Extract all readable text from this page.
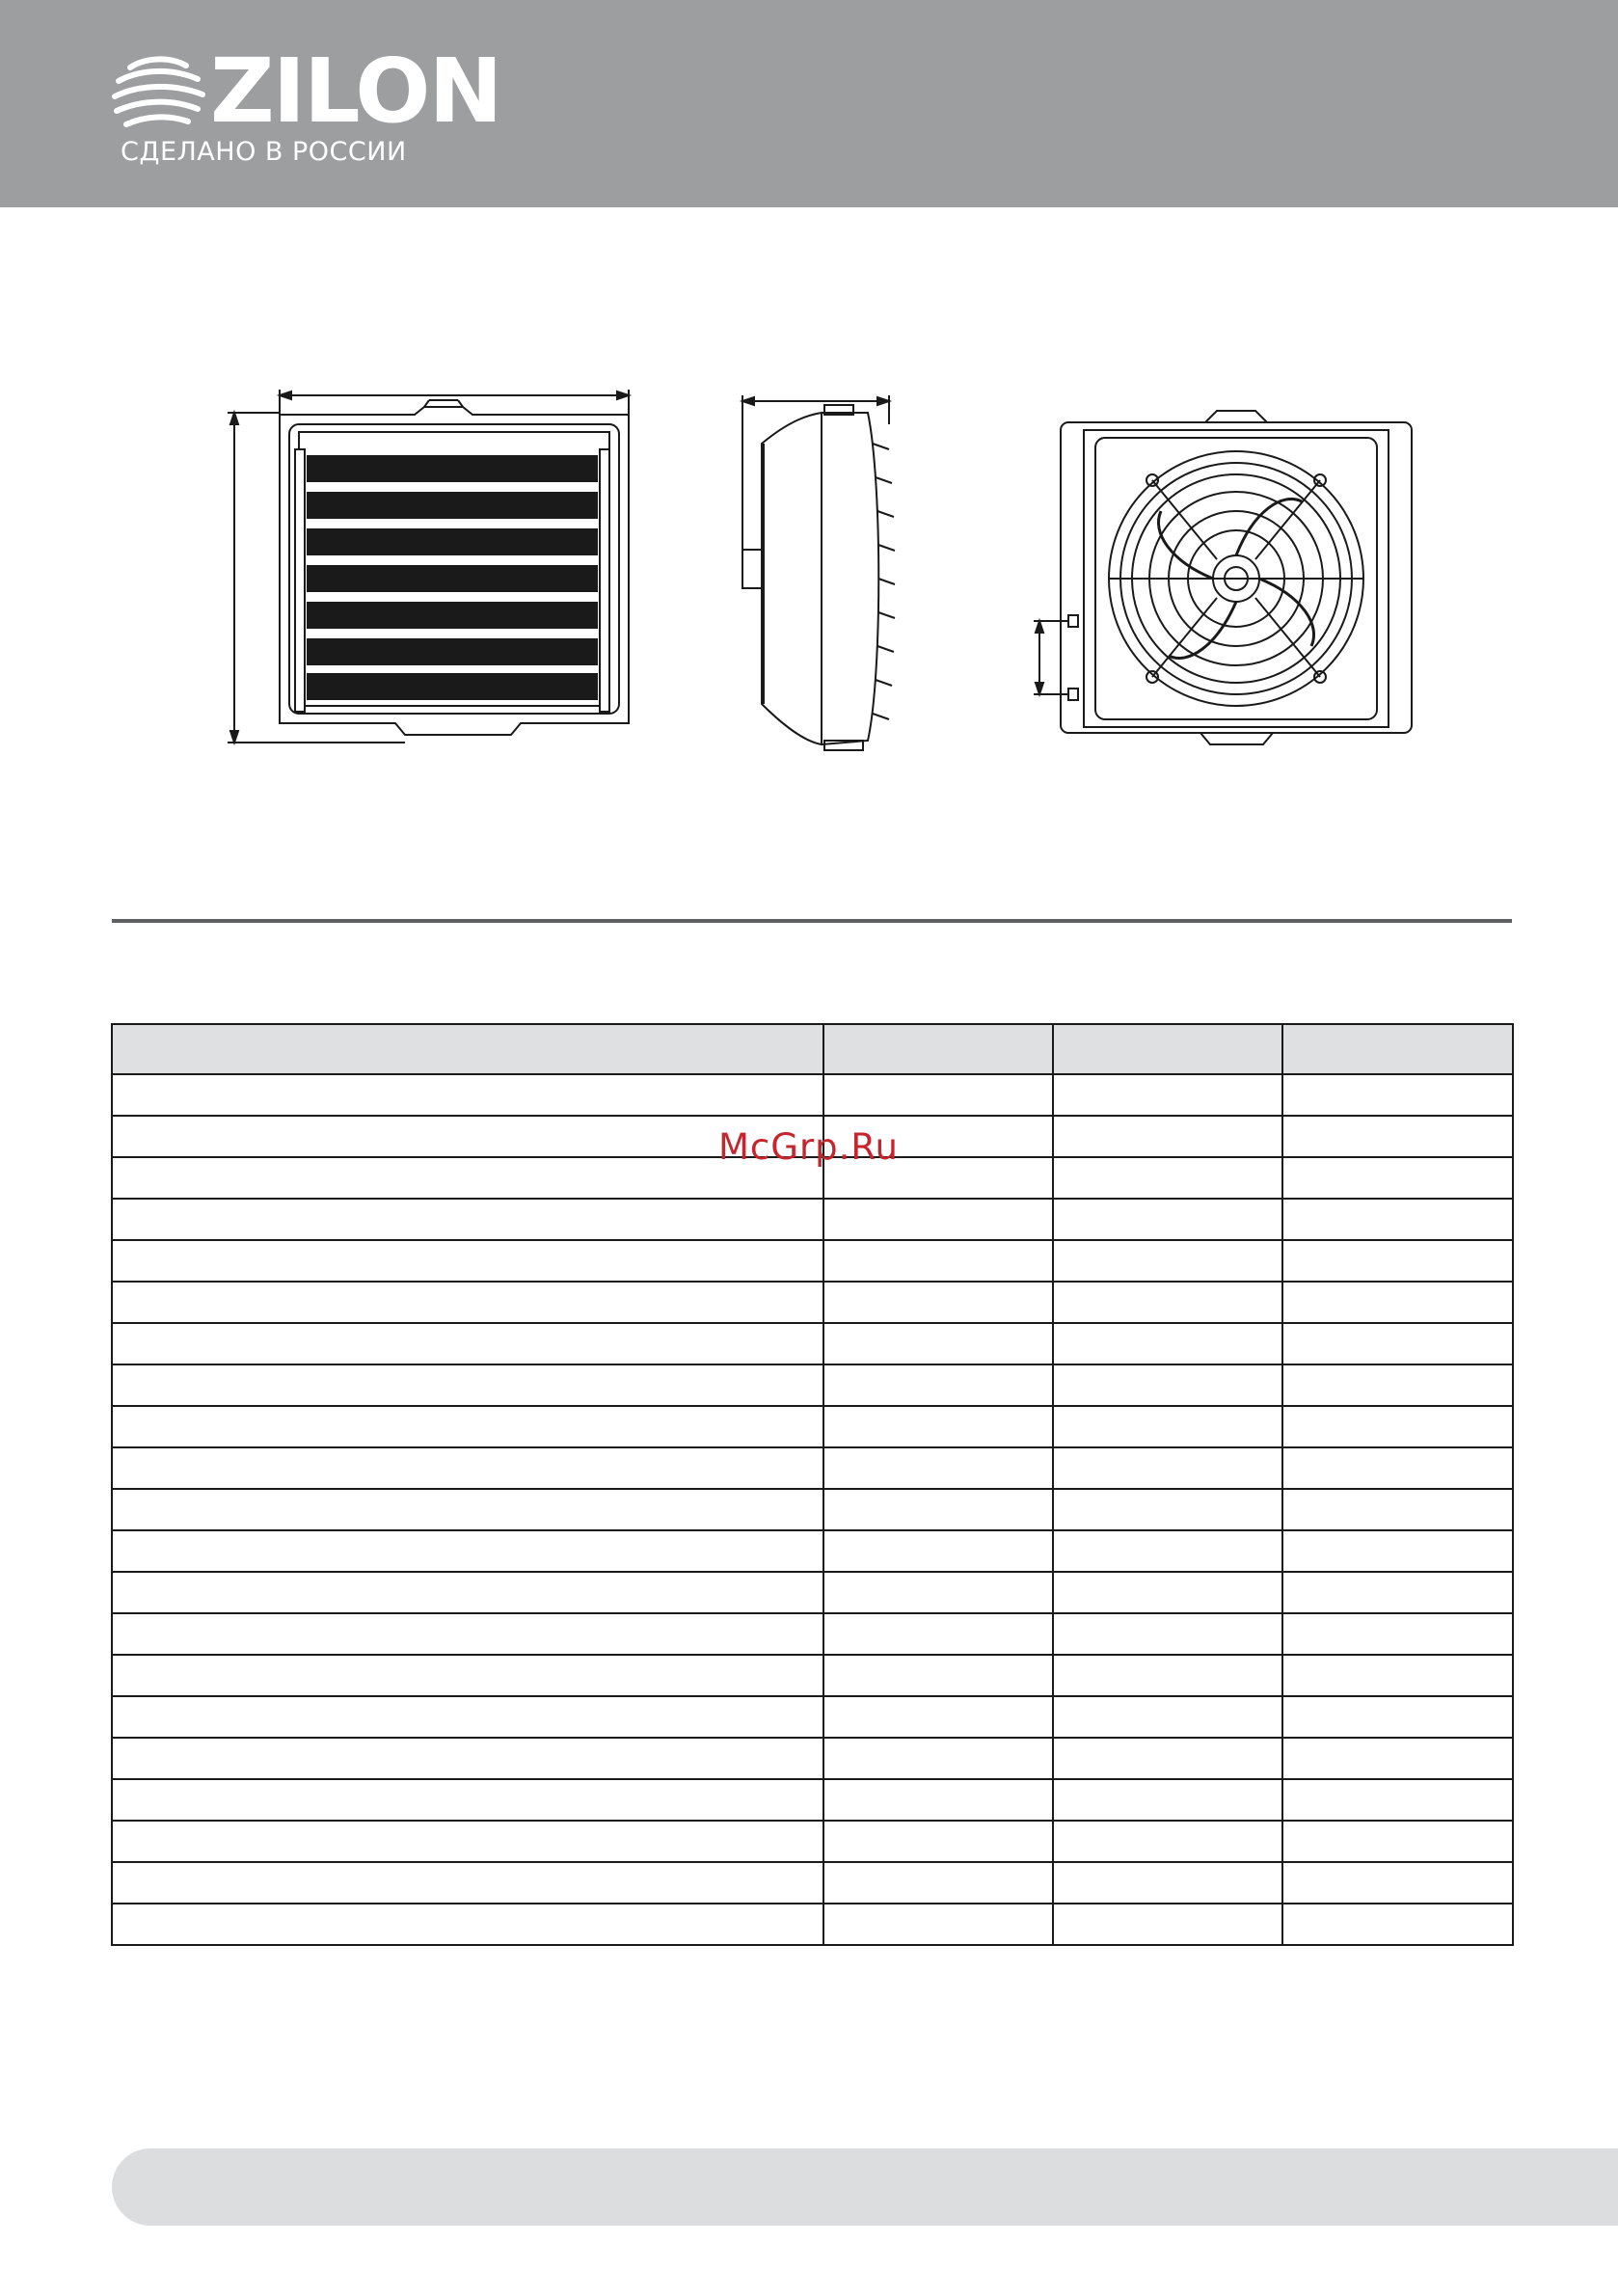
ZILON
СДЕЛАНО В РОССИИ

McGrp.Ru
